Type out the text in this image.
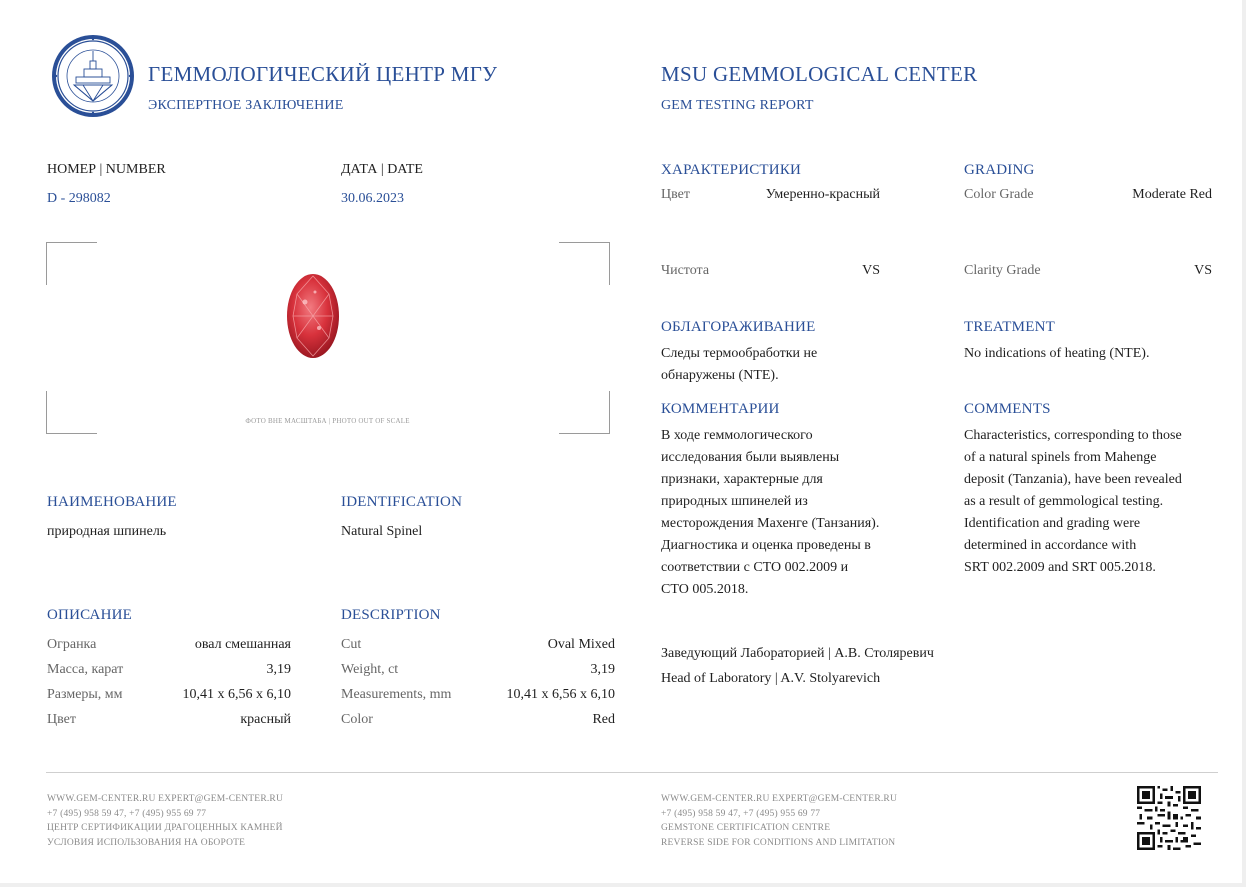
ГЕММОЛОГИЧЕСКИЙ ЦЕНТР МГУ
ЭКСПЕРТНОЕ ЗАКЛЮЧЕНИЕ
MSU GEMMOLOGICAL CENTER
GEM TESTING REPORT
НОМЕР | NUMBER
D - 298082
ДАТА | DATE
30.06.2023
ФОТО ВНЕ МАСШТАБА | PHOTO OUT OF SCALE
НАИМЕНОВАНИЕ
природная шпинель
IDENTIFICATION
Natural Spinel
ОПИСАНИЕ	DESCRIPTION
Огранка	овал смешанная
Масса, карат	3,19
Размеры, мм	10,41 x 6,56 x 6,10
Цвет	красный
Cut	Oval Mixed
Weight, ct	3,19
Measurements, mm	10,41 x 6,56 x 6,10
Color	Red
ХАРАКТЕРИСТИКИ	GRADING
Цвет	Умеренно-красный	Color Grade	Moderate Red
Чистота	VS	Clarity Grade	VS
ОБЛАГОРАЖИВАНИЕ
Следы термообработки не
обнаружены (NTE).
TREATMENT
No indications of heating (NTE).
КОММЕНТАРИИ
В ходе геммологического
исследования были выявлены
признаки, характерные для
природных шпинелей из
месторождения Махенге (Танзания).
Диагностика и оценка проведены в
соответствии с СТО 002.2009 и
СТО 005.2018.
COMMENTS
Characteristics, corresponding to those
of a natural spinels from Mahenge
deposit (Tanzania), have been revealed
as a result of gemmological testing.
Identification and grading were
determined in accordance with
SRT 002.2009 and SRT 005.2018.
Заведующий Лабораторией | А.В. Столяревич
Head of Laboratory | A.V. Stolyarevich
WWW.GEM-CENTER.RU EXPERT@GEM-CENTER.RU
+7 (495) 958 59 47, +7 (495) 955 69 77
ЦЕНТР СЕРТИФИКАЦИИ ДРАГОЦЕННЫХ КАМНЕЙ
УСЛОВИЯ ИСПОЛЬЗОВАНИЯ НА ОБОРОТЕ
WWW.GEM-CENTER.RU EXPERT@GEM-CENTER.RU
+7 (495) 958 59 47, +7 (495) 955 69 77
GEMSTONE CERTIFICATION CENTRE
REVERSE SIDE FOR CONDITIONS AND LIMITATION
